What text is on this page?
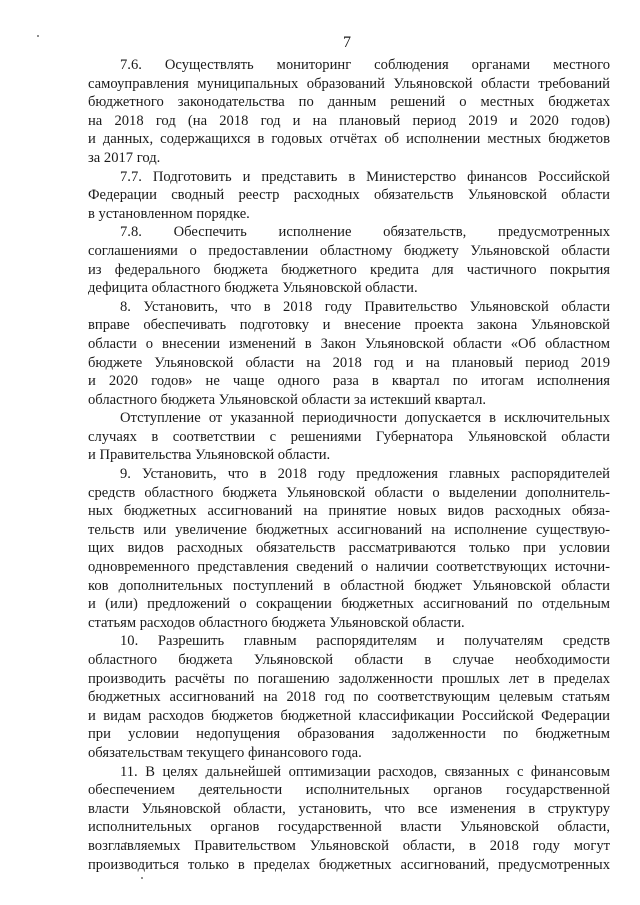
7

7.6. Осуществлять мониторинг соблюдения органами местного
самоуправления муниципальных образований Ульяновской области требований
бюджетного законодательства по данным решений о местных бюджетах
на 2018 год (на 2018 год и на плановый период 2019 и 2020 годов)
и данных, содержащихся в годовых отчётах об исполнении местных бюджетов
за 2017 год.

7.7. Подготовить и представить в Министерство финансов Российской
Федерации сводный реестр расходных обязательств Ульяновской области
в установленном порядке.

7.8. Обеспечить исполнение обязательств, предусмотренных
соглашениями о предоставлении областному бюджету Ульяновской области
из федерального бюджета бюджетного кредита для частичного покрытия
дефицита областного бюджета Ульяновской области.

8. Установить, что в 2018 году Правительство Ульяновской области
вправе обеспечивать подготовку и внесение проекта закона Ульяновской
области о внесении изменений в Закон Ульяновской области «Об областном
бюджете Ульяновской области на 2018 год и на плановый период 2019
и 2020 годов» не чаще одного раза в квартал по итогам исполнения
областного бюджета Ульяновской области за истекший квартал.

Отступление от указанной периодичности допускается в исключительных
случаях в соответствии с решениями Губернатора Ульяновской области
и Правительства Ульяновской области.

9. Установить, что в 2018 году предложения главных распорядителей
средств областного бюджета Ульяновской области о выделении дополнитель-
ных бюджетных ассигнований на принятие новых видов расходных обяза-
тельств или увеличение бюджетных ассигнований на исполнение существую-
щих видов расходных обязательств рассматриваются только при условии
одновременного представления сведений о наличии соответствующих источни-
ков дополнительных поступлений в областной бюджет Ульяновской области
и (или) предложений о сокращении бюджетных ассигнований по отдельным
статьям расходов областного бюджета Ульяновской области.

10. Разрешить главным распорядителям и получателям средств
областного бюджета Ульяновской области в случае необходимости
производить расчёты по погашению задолженности прошлых лет в пределах
бюджетных ассигнований на 2018 год по соответствующим целевым статьям
и видам расходов бюджетов бюджетной классификации Российской Федерации
при условии недопущения образования задолженности по бюджетным
обязательствам текущего финансового года.

11. В целях дальнейшей оптимизации расходов, связанных с финансовым
обеспечением деятельности исполнительных органов государственной
власти Ульяновской области, установить, что все изменения в структуру
исполнительных органов государственной власти Ульяновской области,
возглавляемых Правительством Ульяновской области, в 2018 году могут
производиться только в пределах бюджетных ассигнований, предусмотренных
